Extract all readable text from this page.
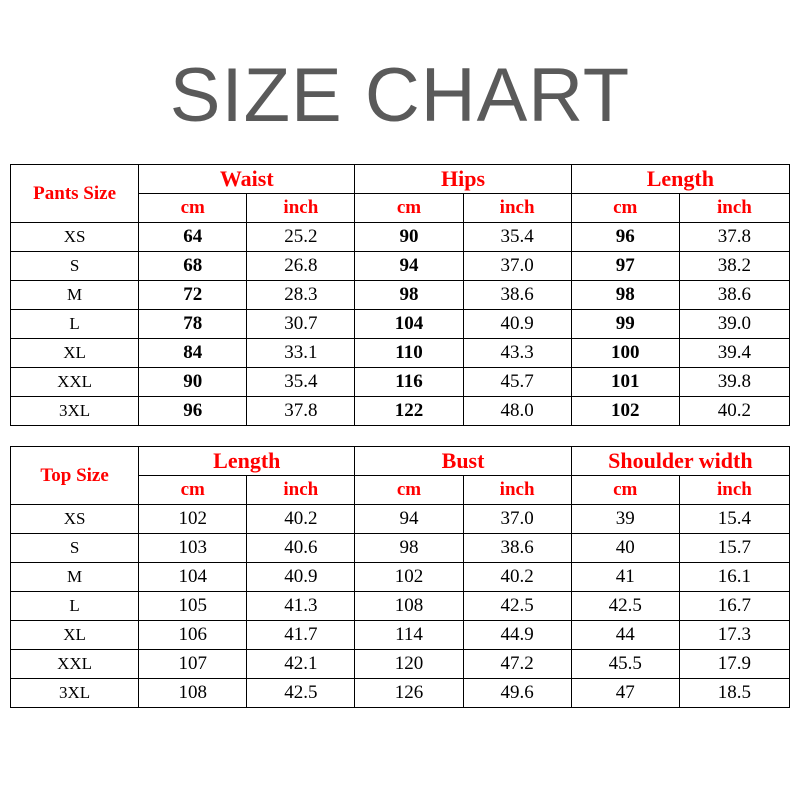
SIZE CHART
Pants Size	Waist		Hips		Length	
	cm	inch	cm	inch	cm	inch
XS	64	25.2	90	35.4	96	37.8
S	68	26.8	94	37.0	97	38.2
M	72	28.3	98	38.6	98	38.6
L	78	30.7	104	40.9	99	39.0
XL	84	33.1	110	43.3	100	39.4
XXL	90	35.4	116	45.7	101	39.8
3XL	96	37.8	122	48.0	102	40.2
Top Size	Length		Bust		Shoulder width	
	cm	inch	cm	inch	cm	inch
XS	102	40.2	94	37.0	39	15.4
S	103	40.6	98	38.6	40	15.7
M	104	40.9	102	40.2	41	16.1
L	105	41.3	108	42.5	42.5	16.7
XL	106	41.7	114	44.9	44	17.3
XXL	107	42.1	120	47.2	45.5	17.9
3XL	108	42.5	126	49.6	47	18.5
